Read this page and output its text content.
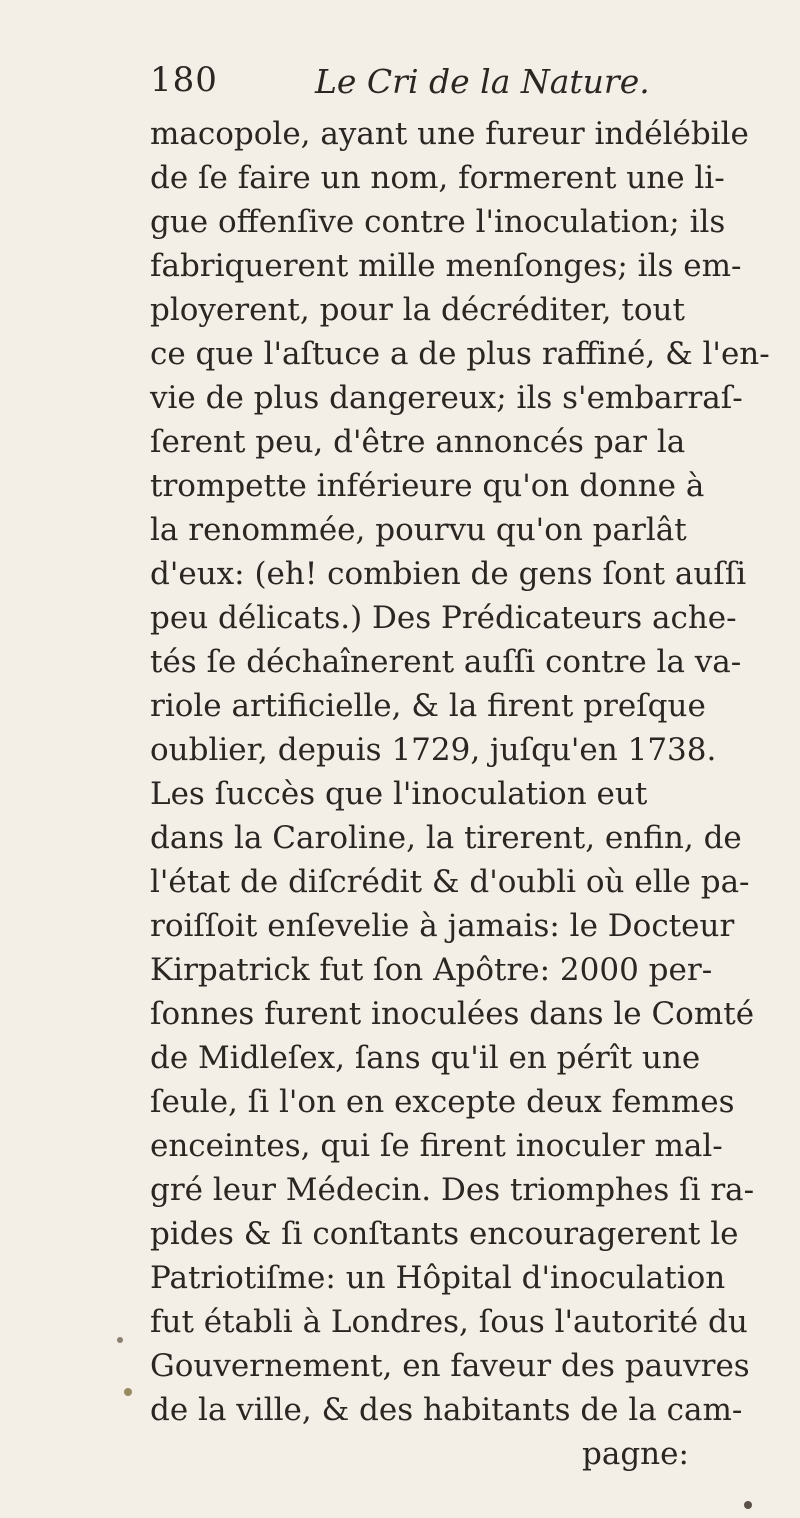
180	Le Cri de la Nature.
macopole, ayant une fureur indélébile
de ſe faire un nom, formerent une li-
gue offenſive contre l'inoculation; ils
fabriquerent mille menſonges; ils em-
ployerent, pour la décréditer, tout
ce que l'aſtuce a de plus raffiné, & l'en-
vie de plus dangereux; ils s'embarraſ-
ſerent peu, d'être annoncés par la
trompette inférieure qu'on donne à
la renommée, pourvu qu'on parlât
d'eux: (eh! combien de gens ſont auſſi
peu délicats.) Des Prédicateurs ache-
tés ſe déchaînerent auſſi contre la va-
riole artificielle, & la firent preſque
oublier, depuis 1729, juſqu'en 1738.
Les ſuccès que l'inoculation eut
dans la Caroline, la tirerent, enfin, de
l'état de diſcrédit & d'oubli où elle pa-
roiſſoit enſevelie à jamais: le Docteur
Kirpatrick fut ſon Apôtre: 2000 per-
ſonnes furent inoculées dans le Comté
de Midleſex, ſans qu'il en pérît une
ſeule, ſi l'on en excepte deux femmes
enceintes, qui ſe firent inoculer mal-
gré leur Médecin. Des triomphes ſi ra-
pides & ſi conſtants encouragerent le
Patriotiſme: un Hôpital d'inoculation
fut établi à Londres, ſous l'autorité du
Gouvernement, en faveur des pauvres
de la ville, & des habitants de la cam-
pagne:
